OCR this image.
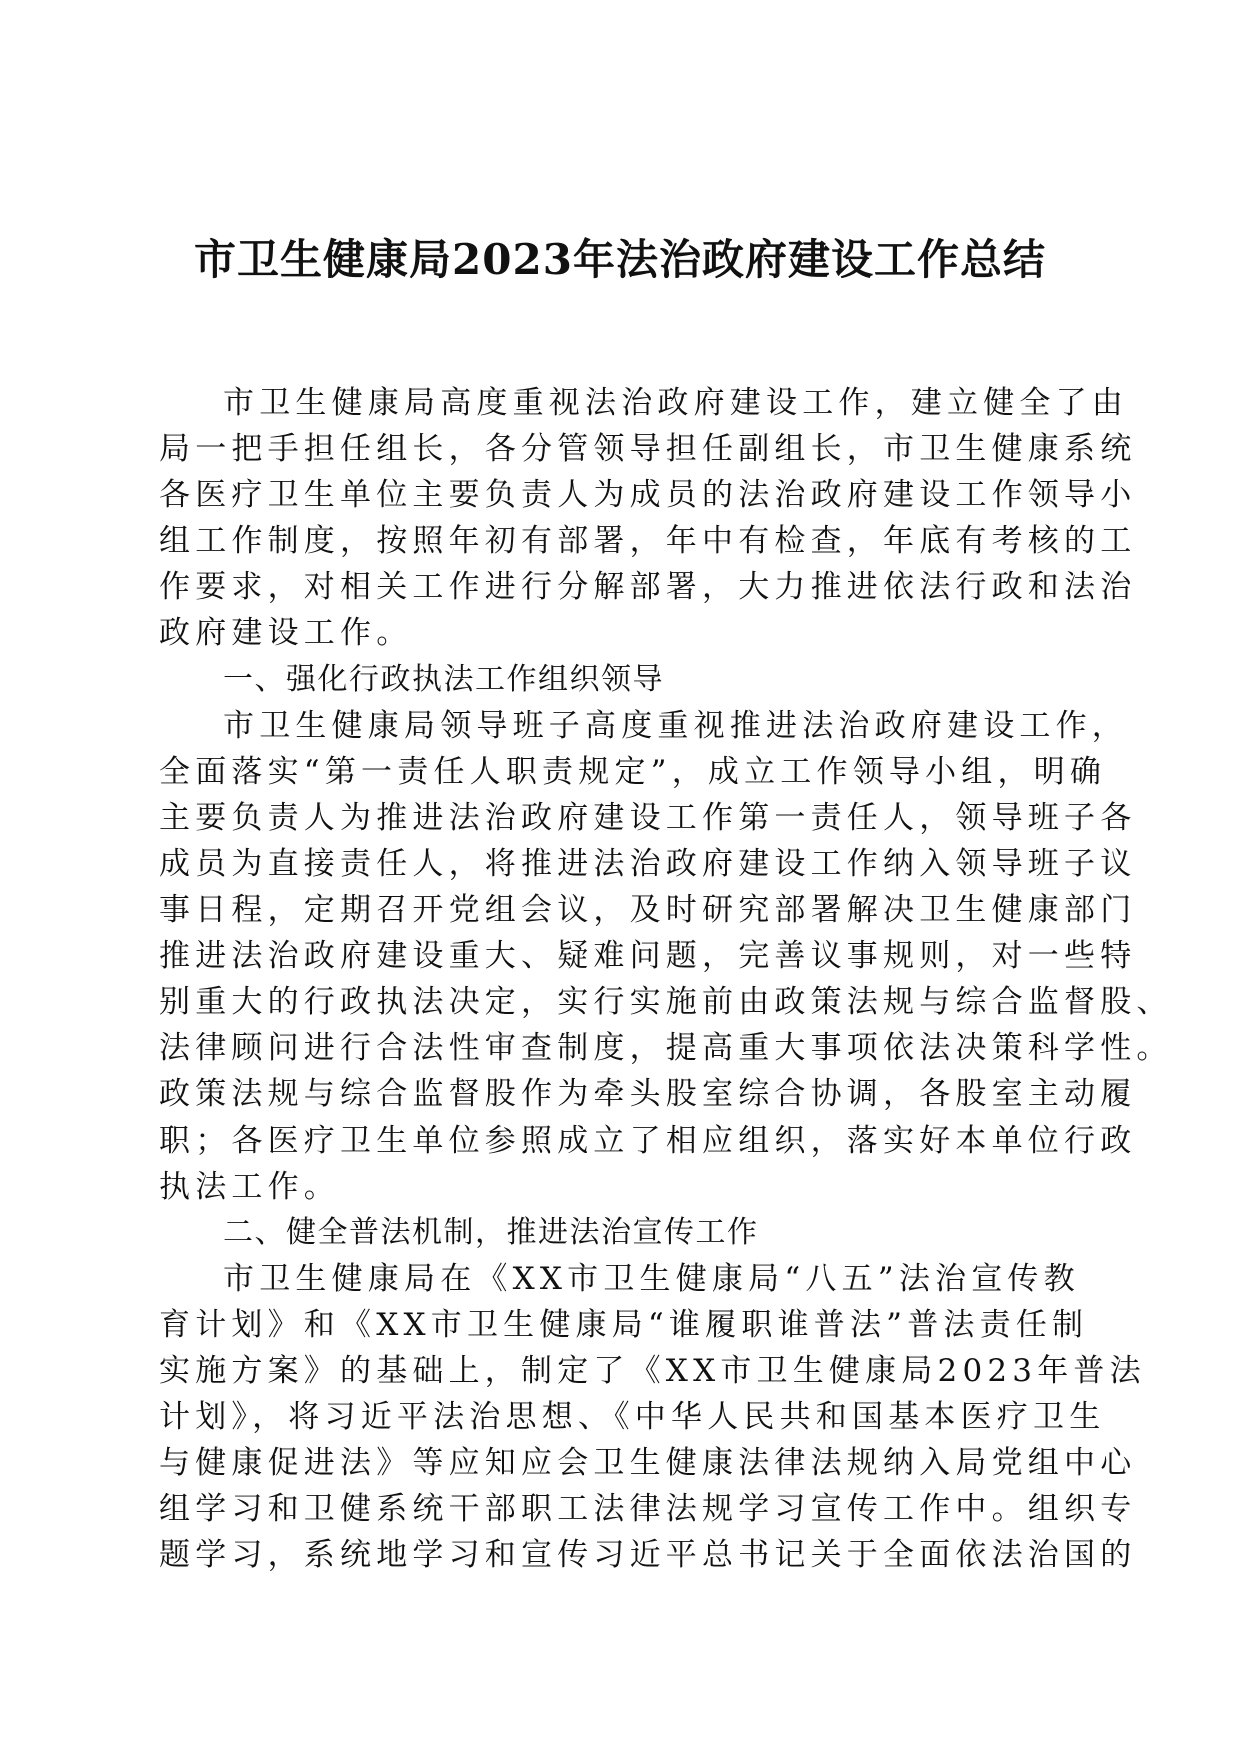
市卫生健康局2023年法治政府建设工作总结
市卫生健康局高度重视法治政府建设工作，建立健全了由
局一把手担任组长，各分管领导担任副组长，市卫生健康系统
各医疗卫生单位主要负责人为成员的法治政府建设工作领导小
组工作制度，按照年初有部署，年中有检查，年底有考核的工
作要求，对相关工作进行分解部署，大力推进依法行政和法治
政府建设工作。
一、强化行政执法工作组织领导
市卫生健康局领导班子高度重视推进法治政府建设工作，
全面落实“第一责任人职责规定”，成立工作领导小组，明确
主要负责人为推进法治政府建设工作第一责任人，领导班子各
成员为直接责任人，将推进法治政府建设工作纳入领导班子议
事日程，定期召开党组会议，及时研究部署解决卫生健康部门
推进法治政府建设重大、疑难问题，完善议事规则，对一些特
别重大的行政执法决定，实行实施前由政策法规与综合监督股、
法律顾问进行合法性审查制度，提高重大事项依法决策科学性。
政策法规与综合监督股作为牵头股室综合协调，各股室主动履
职；各医疗卫生单位参照成立了相应组织，落实好本单位行政
执法工作。
二、健全普法机制，推进法治宣传工作
市卫生健康局在《XX市卫生健康局“八五”法治宣传教
育计划》和《XX市卫生健康局“谁履职谁普法”普法责任制
实施方案》的基础上，制定了《XX市卫生健康局2023年普法
计划》，将习近平法治思想、《中华人民共和国基本医疗卫生
与健康促进法》等应知应会卫生健康法律法规纳入局党组中心
组学习和卫健系统干部职工法律法规学习宣传工作中。组织专
题学习，系统地学习和宣传习近平总书记关于全面依法治国的
